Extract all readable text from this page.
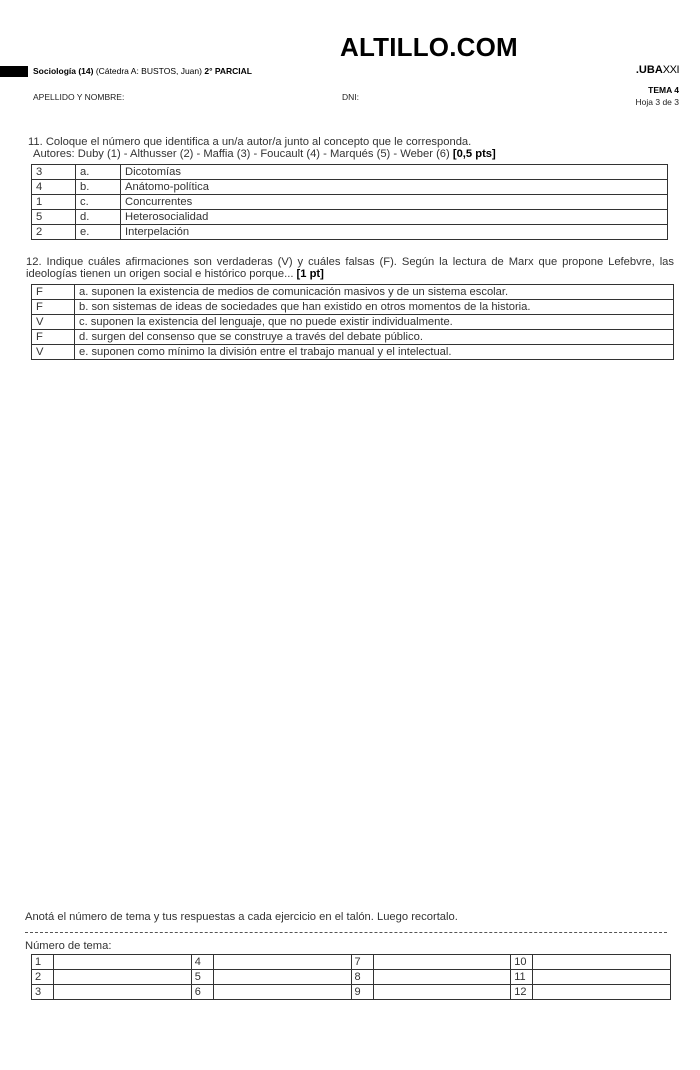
ALTILLO.COM
Sociología (14) (Cátedra A: BUSTOS, Juan) 2° PARCIAL	.UBAXXI
APELLIDO Y NOMBRE:	DNI:
TEMA 4
Hoja 3 de 3
11. Coloque el número que identifica a un/a autor/a junto al concepto que le corresponda.
Autores: Duby (1) - Althusser (2) - Maffia (3) - Foucault (4) - Marqués (5) - Weber (6) [0,5 pts]
3	a.	Dicotomías
4	b.	Anátomo-política
1	c.	Concurrentes
5	d.	Heterosocialidad
2	e.	Interpelación
12. Indique cuáles afirmaciones son verdaderas (V) y cuáles falsas (F). Según la lectura de Marx que propone Lefebvre, las ideologías tienen un origen social e histórico porque... [1 pt]
F	a. suponen la existencia de medios de comunicación masivos y de un sistema escolar.
F	b. son sistemas de ideas de sociedades que han existido en otros momentos de la historia.
V	c. suponen la existencia del lenguaje, que no puede existir individualmente.
F	d. surgen del consenso que se construye a través del debate público.
V	e. suponen como mínimo la división entre el trabajo manual y el intelectual.
Anotá el número de tema y tus respuestas a cada ejercicio en el talón. Luego recortalo.
Número de tema:
1		4		7		10	
2		5		8		11	
3		6		9		12	
